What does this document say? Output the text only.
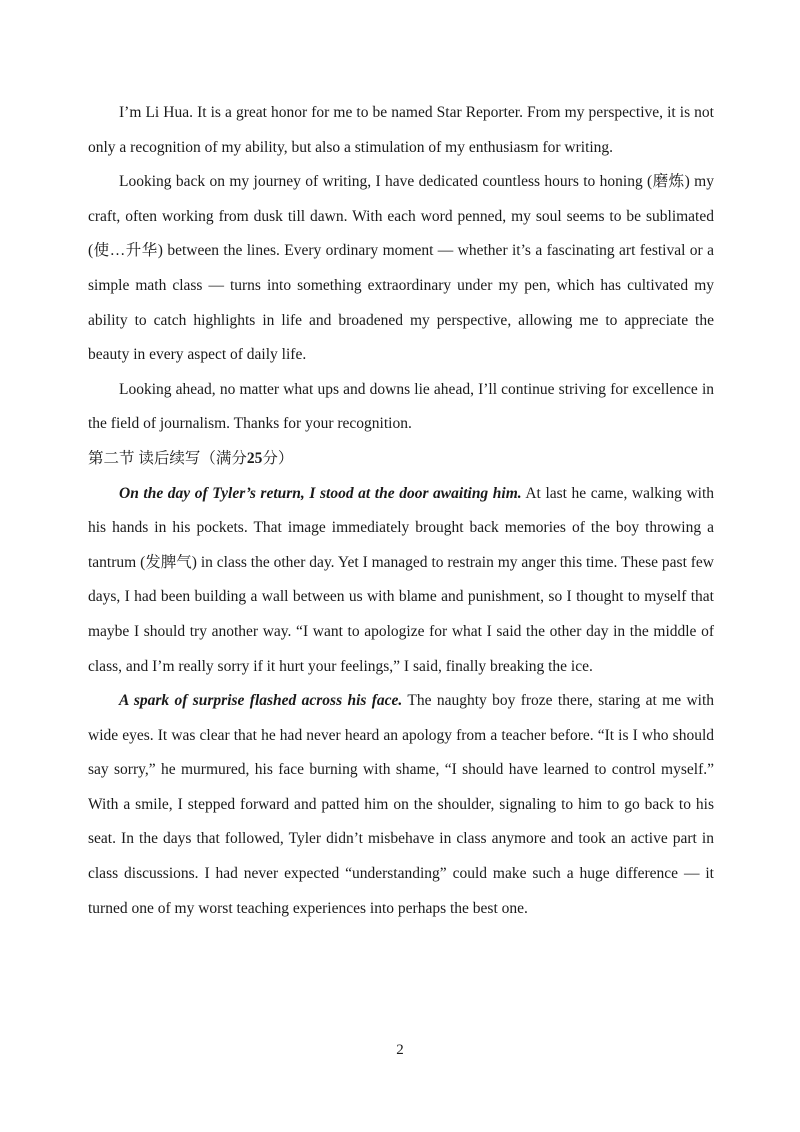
I’m Li Hua. It is a great honor for me to be named Star Reporter. From my perspective, it is not only a recognition of my ability, but also a stimulation of my enthusiasm for writing.

Looking back on my journey of writing, I have dedicated countless hours to honing (磨炼) my craft, often working from dusk till dawn. With each word penned, my soul seems to be sublimated (使…升华) between the lines. Every ordinary moment — whether it’s a fascinating art festival or a simple math class — turns into something extraordinary under my pen, which has cultivated my ability to catch highlights in life and broadened my perspective, allowing me to appreciate the beauty in every aspect of daily life.

Looking ahead, no matter what ups and downs lie ahead, I’ll continue striving for excellence in the field of journalism. Thanks for your recognition.

第二节 读后续写（满分25分）

On the day of Tyler’s return, I stood at the door awaiting him. At last he came, walking with his hands in his pockets. That image immediately brought back memories of the boy throwing a tantrum (发脾气) in class the other day. Yet I managed to restrain my anger this time. These past few days, I had been building a wall between us with blame and punishment, so I thought to myself that maybe I should try another way. “I want to apologize for what I said the other day in the middle of class, and I’m really sorry if it hurt your feelings,” I said, finally breaking the ice.

A spark of surprise flashed across his face. The naughty boy froze there, staring at me with wide eyes. It was clear that he had never heard an apology from a teacher before. “It is I who should say sorry,” he murmured, his face burning with shame, “I should have learned to control myself.” With a smile, I stepped forward and patted him on the shoulder, signaling to him to go back to his seat. In the days that followed, Tyler didn’t misbehave in class anymore and took an active part in class discussions. I had never expected “understanding” could make such a huge difference — it turned one of my worst teaching experiences into perhaps the best one.

2
